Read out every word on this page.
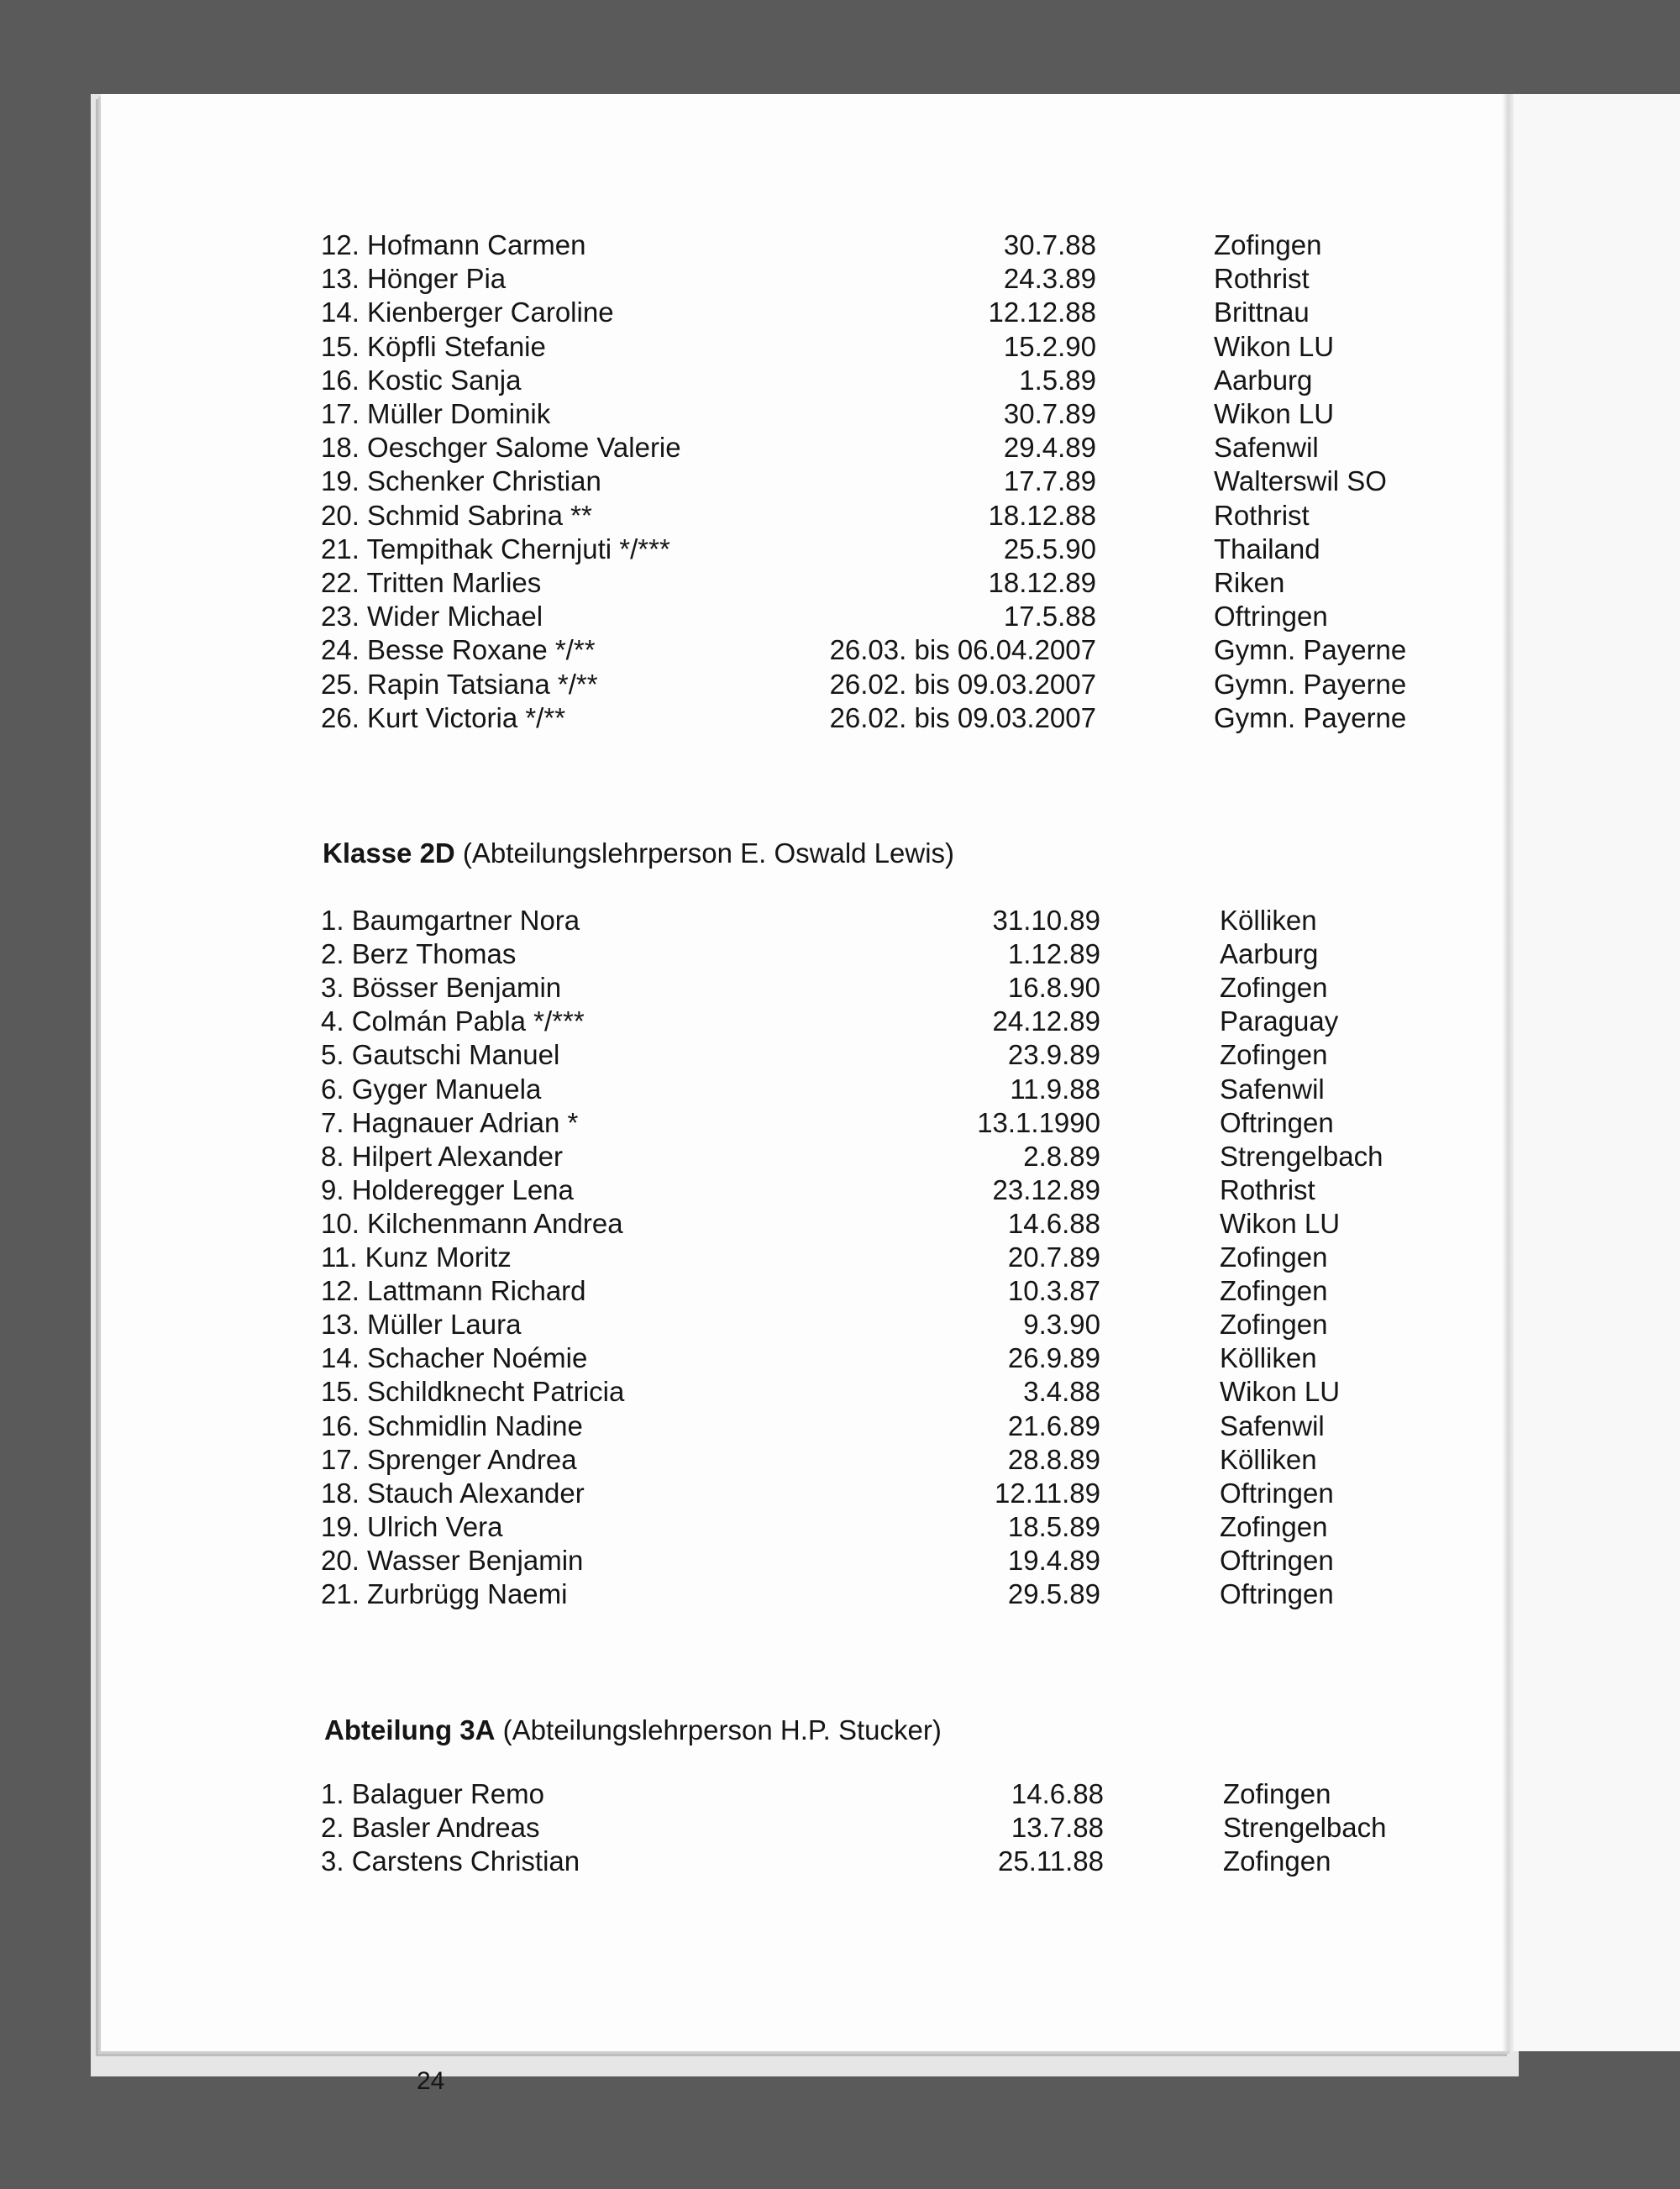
12. Hofmann Carmen	30.7.88	Zofingen
13. Hönger Pia	24.3.89	Rothrist
14. Kienberger Caroline	12.12.88	Brittnau
15. Köpfli Stefanie	15.2.90	Wikon LU
16. Kostic Sanja	1.5.89	Aarburg
17. Müller Dominik	30.7.89	Wikon LU
18. Oeschger Salome Valerie	29.4.89	Safenwil
19. Schenker Christian	17.7.89	Walterswil SO
20. Schmid Sabrina **	18.12.88	Rothrist
21. Tempithak Chernjuti */***	25.5.90	Thailand
22. Tritten Marlies	18.12.89	Riken
23. Wider Michael	17.5.88	Oftringen
24. Besse Roxane */**	26.03. bis 06.04.2007	Gymn. Payerne
25. Rapin Tatsiana */**	26.02. bis 09.03.2007	Gymn. Payerne
26. Kurt Victoria */**	26.02. bis 09.03.2007	Gymn. Payerne
Klasse 2D (Abteilungslehrperson E. Oswald Lewis)
1. Baumgartner Nora	31.10.89	Kölliken
2. Berz Thomas	1.12.89	Aarburg
3. Bösser Benjamin	16.8.90	Zofingen
4. Colmán Pabla */***	24.12.89	Paraguay
5. Gautschi Manuel	23.9.89	Zofingen
6. Gyger Manuela	11.9.88	Safenwil
7. Hagnauer Adrian *	13.1.1990	Oftringen
8. Hilpert Alexander	2.8.89	Strengelbach
9. Holderegger Lena	23.12.89	Rothrist
10. Kilchenmann Andrea	14.6.88	Wikon LU
11. Kunz Moritz	20.7.89	Zofingen
12. Lattmann Richard	10.3.87	Zofingen
13. Müller Laura	9.3.90	Zofingen
14. Schacher Noémie	26.9.89	Kölliken
15. Schildknecht Patricia	3.4.88	Wikon LU
16. Schmidlin Nadine	21.6.89	Safenwil
17. Sprenger Andrea	28.8.89	Kölliken
18. Stauch Alexander	12.11.89	Oftringen
19. Ulrich Vera	18.5.89	Zofingen
20. Wasser Benjamin	19.4.89	Oftringen
21. Zurbrügg Naemi	29.5.89	Oftringen
Abteilung 3A (Abteilungslehrperson H.P. Stucker)
1. Balaguer Remo	14.6.88	Zofingen
2. Basler Andreas	13.7.88	Strengelbach
3. Carstens Christian	25.11.88	Zofingen
24
